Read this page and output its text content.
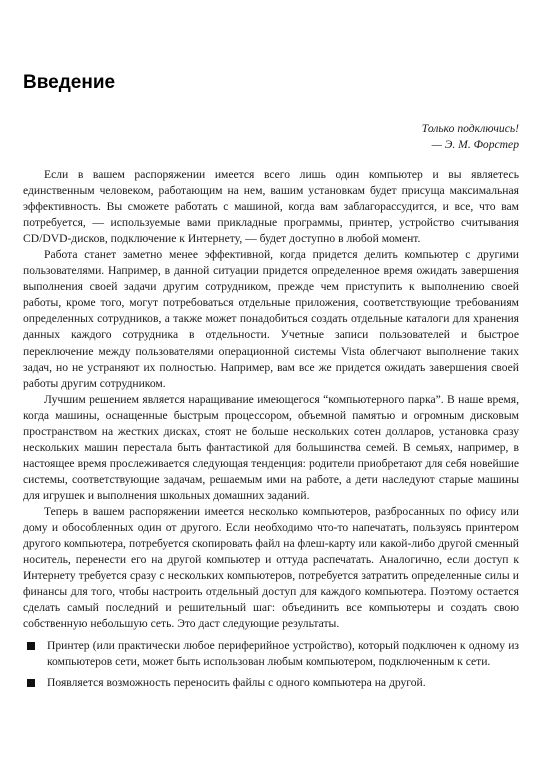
Введение
Только подключись!
— Э. М. Форстер

Если в вашем распоряжении имеется всего лишь один компьютер и вы являетесь единственным человеком, работающим на нем, вашим установкам будет присуща максимальная эффективность. Вы сможете работать с машиной, когда вам заблагорассудится, и все, что вам потребуется, — используемые вами прикладные программы, принтер, устройство считывания CD/DVD-дисков, подключение к Интернету, — будет доступно в любой момент.

Работа станет заметно менее эффективной, когда придется делить компьютер с другими пользователями. Например, в данной ситуации придется определенное время ожидать завершения выполнения своей задачи другим сотрудником, прежде чем приступить к выполнению своей работы, кроме того, могут потребоваться отдельные приложения, соответствующие требованиям определенных сотрудников, а также может понадобиться создать отдельные каталоги для хранения данных каждого сотрудника в отдельности. Учетные записи пользователей и быстрое переключение между пользователями операционной системы Vista облегчают выполнение таких задач, но не устраняют их полностью. Например, вам все же придется ожидать завершения своей работы другим сотрудником.

Лучшим решением является наращивание имеющегося “компьютерного парка”. В наше время, когда машины, оснащенные быстрым процессором, объемной памятью и огромным дисковым пространством на жестких дисках, стоят не больше нескольких сотен долларов, установка сразу нескольких машин перестала быть фантастикой для большинства семей. В семьях, например, в настоящее время прослеживается следующая тенденция: родители приобретают для себя новейшие системы, соответствующие задачам, решаемым ими на работе, а дети наследуют старые машины для игрушек и выполнения школьных домашних заданий.

Теперь в вашем распоряжении имеется несколько компьютеров, разбросанных по офису или дому и обособленных один от другого. Если необходимо что-то напечатать, пользуясь принтером другого компьютера, потребуется скопировать файл на флеш-карту или какой-либо другой сменный носитель, перенести его на другой компьютер и оттуда распечатать. Аналогично, если доступ к Интернету требуется сразу с нескольких компьютеров, потребуется затратить определенные силы и финансы для того, чтобы настроить отдельный доступ для каждого компьютера. Поэтому остается сделать самый последний и решительный шаг: объединить все компьютеры и создать свою собственную небольшую сеть. Это даст следующие результаты.

Принтер (или практически любое периферийное устройство), который подключен к одному из компьютеров сети, может быть использован любым компьютером, подключенным к сети.
Появляется возможность переносить файлы с одного компьютера на другой.
